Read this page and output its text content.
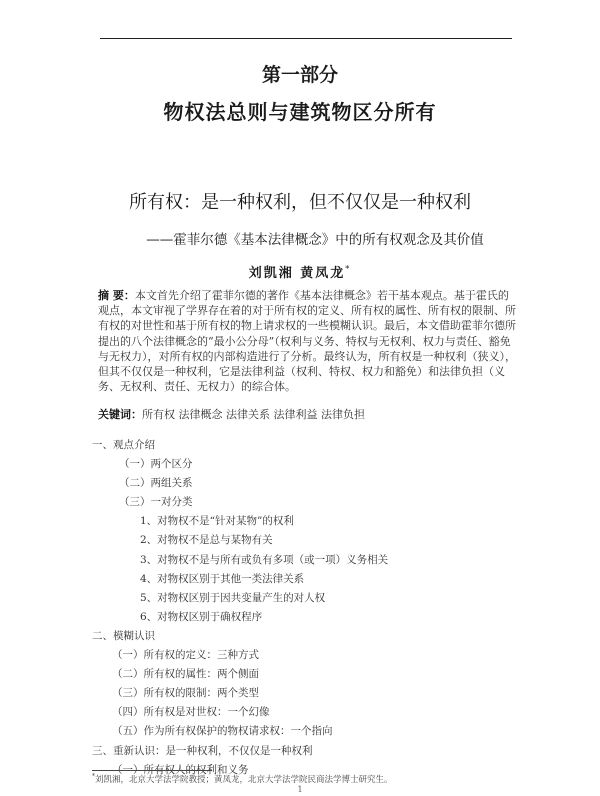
第一部分
物权法总则与建筑物区分所有
所有权：是一种权利，但不仅仅是一种权利
——霍菲尔德《基本法律概念》中的所有权观念及其价值
刘凯湘 黄凤龙*
摘 要：本文首先介绍了霍菲尔德的著作《基本法律概念》若干基本观点。基于霍氏的观点，本文审视了学界存在着的对于所有权的定义、所有权的属性、所有权的限制、所有权的对世性和基于所有权的物上请求权的一些模糊认识。最后，本文借助霍菲尔德所提出的八个法律概念的“最小公分母”（权利与义务、特权与无权利、权力与责任、豁免与无权力），对所有权的内部构造进行了分析。最终认为，所有权是一种权利（狭义），但其不仅仅是一种权利，它是法律利益（权利、特权、权力和豁免）和法律负担（义务、无权利、责任、无权力）的综合体。
关键词：所有权 法律概念 法律关系 法律利益 法律负担
一、观点介绍
（一）两个区分
（二）两组关系
（三）一对分类
1、对物权不是“针对某物”的权利
2、对物权不是总与某物有关
3、对物权不是与所有或负有多项（或一项）义务相关
4、对物权区别于其他一类法律关系
5、对物权区别于因共变量产生的对人权
6、对物权区别于确权程序
二、模糊认识
（一）所有权的定义：三种方式
（二）所有权的属性：两个侧面
（三）所有权的限制：两个类型
（四）所有权是对世权：一个幻像
（五）作为所有权保护的物权请求权：一个指向
三、重新认识：是一种权利，不仅仅是一种权利
（一）所有权人的权利和义务
*刘凯湘，北京大学法学院教授；黄凤龙，北京大学法学院民商法学博士研究生。
1
